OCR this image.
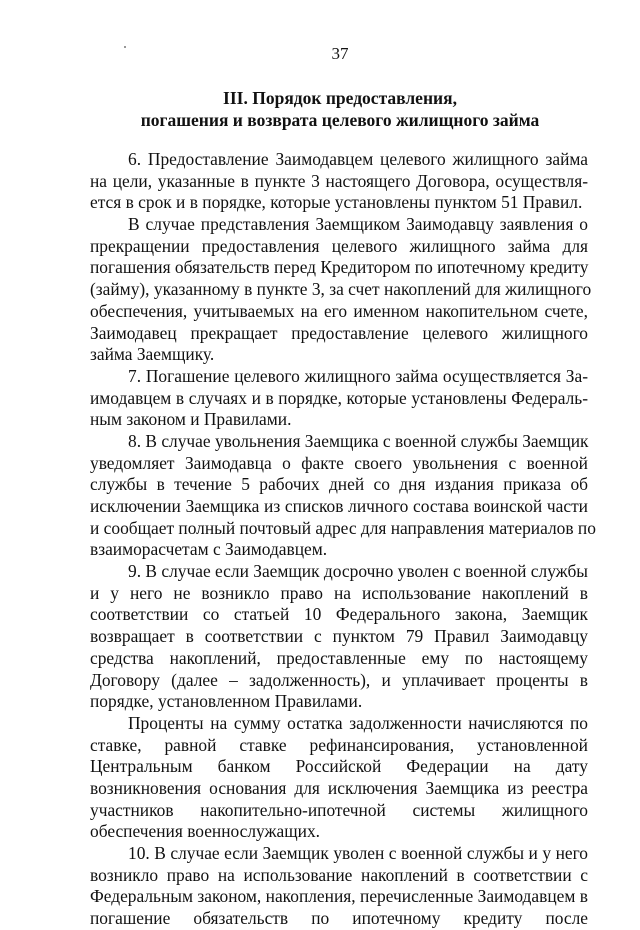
37
III. Порядок предоставления,
погашения и возврата целевого жилищного займа
6. Предоставление Заимодавцем целевого жилищного займа
на цели, указанные в пункте 3 настоящего Договора, осуществля-
ется в срок и в порядке, которые установлены пунктом 51 Правил.
В случае представления Заемщиком Заимодавцу заявления о
прекращении предоставления целевого жилищного займа для
погашения обязательств перед Кредитором по ипотечному кредиту
(займу), указанному в пункте 3, за счет накоплений для жилищного
обеспечения, учитываемых на его именном накопительном счете,
Заимодавец прекращает предоставление целевого жилищного
займа Заемщику.
7. Погашение целевого жилищного займа осуществляется За-
имодавцем в случаях и в порядке, которые установлены Федераль-
ным законом и Правилами.
8. В случае увольнения Заемщика с военной службы Заемщик
уведомляет Заимодавца о факте своего увольнения с военной
службы в течение 5 рабочих дней со дня издания приказа об
исключении Заемщика из списков личного состава воинской части
и сообщает полный почтовый адрес для направления материалов по
взаиморасчетам с Заимодавцем.
9. В случае если Заемщик досрочно уволен с военной службы
и у него не возникло право на использование накоплений в
соответствии со статьей 10 Федерального закона, Заемщик
возвращает в соответствии с пунктом 79 Правил Заимодавцу
средства накоплений, предоставленные ему по настоящему
Договору (далее – задолженность), и уплачивает проценты в
порядке, установленном Правилами.
Проценты на сумму остатка задолженности начисляются по
ставке, равной ставке рефинансирования, установленной
Центральным банком Российской Федерации на дату
возникновения основания для исключения Заемщика из реестра
участников накопительно-ипотечной системы жилищного
обеспечения военнослужащих.
10. В случае если Заемщик уволен с военной службы и у него
возникло право на использование накоплений в соответствии с
Федеральным законом, накопления, перечисленные Заимодавцем в
погашение обязательств по ипотечному кредиту после
